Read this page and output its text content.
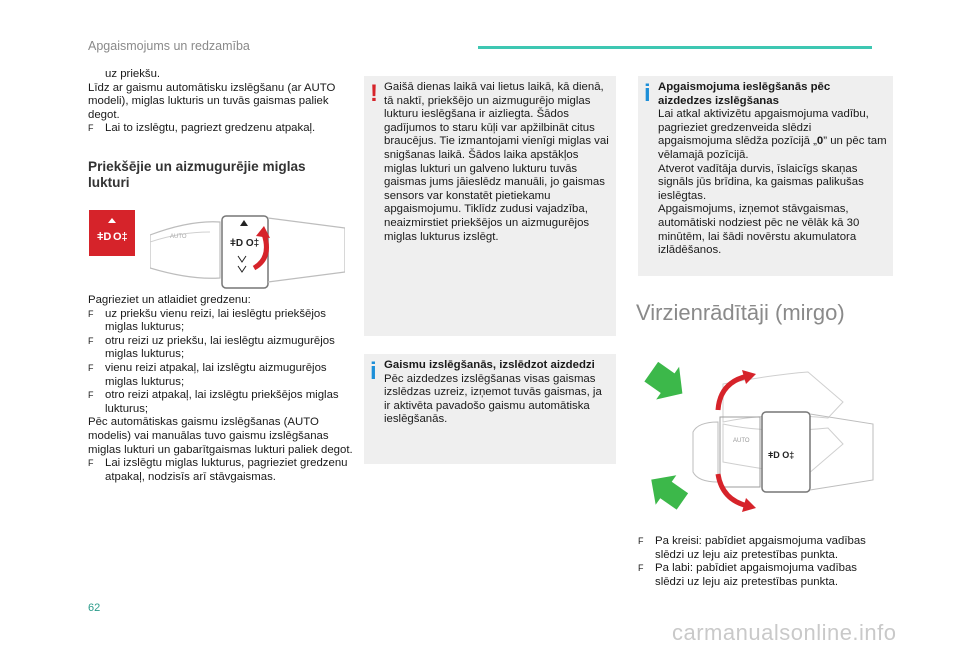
Apgaismojums un redzamība

uz priekšu.

Līdz ar gaismu automātisku izslēgšanu (ar AUTO modeli), miglas lukturis un tuvās gaismas paliek degot.

F Lai to izslēgtu, pagriezt gredzenu atpakaļ.

Priekšējie un aizmugurējie miglas lukturi
ǂD O‡	AUTO
ǂD O‡

Pagrieziet un atlaidiet gredzenu:

F uz priekšu vienu reizi, lai ieslēgtu priekšējos miglas lukturus;

F otru reizi uz priekšu, lai ieslēgtu aizmugurējos miglas lukturus;

F vienu reizi atpakaļ, lai izslēgtu aizmugurējos miglas lukturus;

F otro reizi atpakaļ, lai izslēgtu priekšējos miglas lukturus;

Pēc automātiskas gaismu izslēgšanas (AUTO modelis) vai manuālas tuvo gaismu izslēgšanas miglas lukturi un gabarītgaismas lukturi paliek degot.

F Lai izslēgtu miglas lukturus, pagrieziet gredzenu atpakaļ, nodzisīs arī stāvgaismas.

! Gaišā dienas laikā vai lietus laikā, kā dienā, tā naktī, priekšējo un aizmugurējo miglas lukturu ieslēgšana ir aizliegta. Šādos gadījumos to staru kūļi var apžilbināt citus braucējus. Tie izmantojami vienīgi miglas vai snigšanas laikā. Šādos laika apstākļos miglas lukturi un galveno lukturu tuvās gaismas jums jāieslēdz manuāli, jo gaismas sensors var konstatēt pietiekamu apgaismojumu. Tiklīdz zudusi vajadzība, neaizmirstiet priekšējos un aizmugurējos miglas lukturus izslēgt.
i Gaismu izslēgšanās, izslēdzot aizdedzi
Pēc aizdedzes izslēgšanas visas gaismas izslēdzas uzreiz, izņemot tuvās gaismas, ja ir aktivēta pavadošo gaismu automātiska ieslēgšanās.
i Apgaismojuma ieslēgšanās pēc aizdedzes izslēgšanas
Lai atkal aktivizētu apgaismojuma vadību, pagrieziet gredzenveida slēdzi apgaismojuma slēdža pozīcijā „0” un pēc tam vēlamajā pozīcijā.
Atverot vadītāja durvis, īslaicīgs skaņas signāls jūs brīdina, ka gaismas palikušas ieslēgtas.
Apgaismojums, izņemot stāvgaismas, automātiski nodziest pēc ne vēlāk kā 30 minūtēm, lai šādi novērstu akumulatora izlādēšanos.
Virzienrādītāji (mirgo)
AUTO
ǂD O‡

F Pa kreisi: pabīdiet apgaismojuma vadības slēdzi uz leju aiz pretestības punkta.

F Pa labi: pabīdiet apgaismojuma vadības slēdzi uz leju aiz pretestības punkta.

62
carmanualsonline.info
